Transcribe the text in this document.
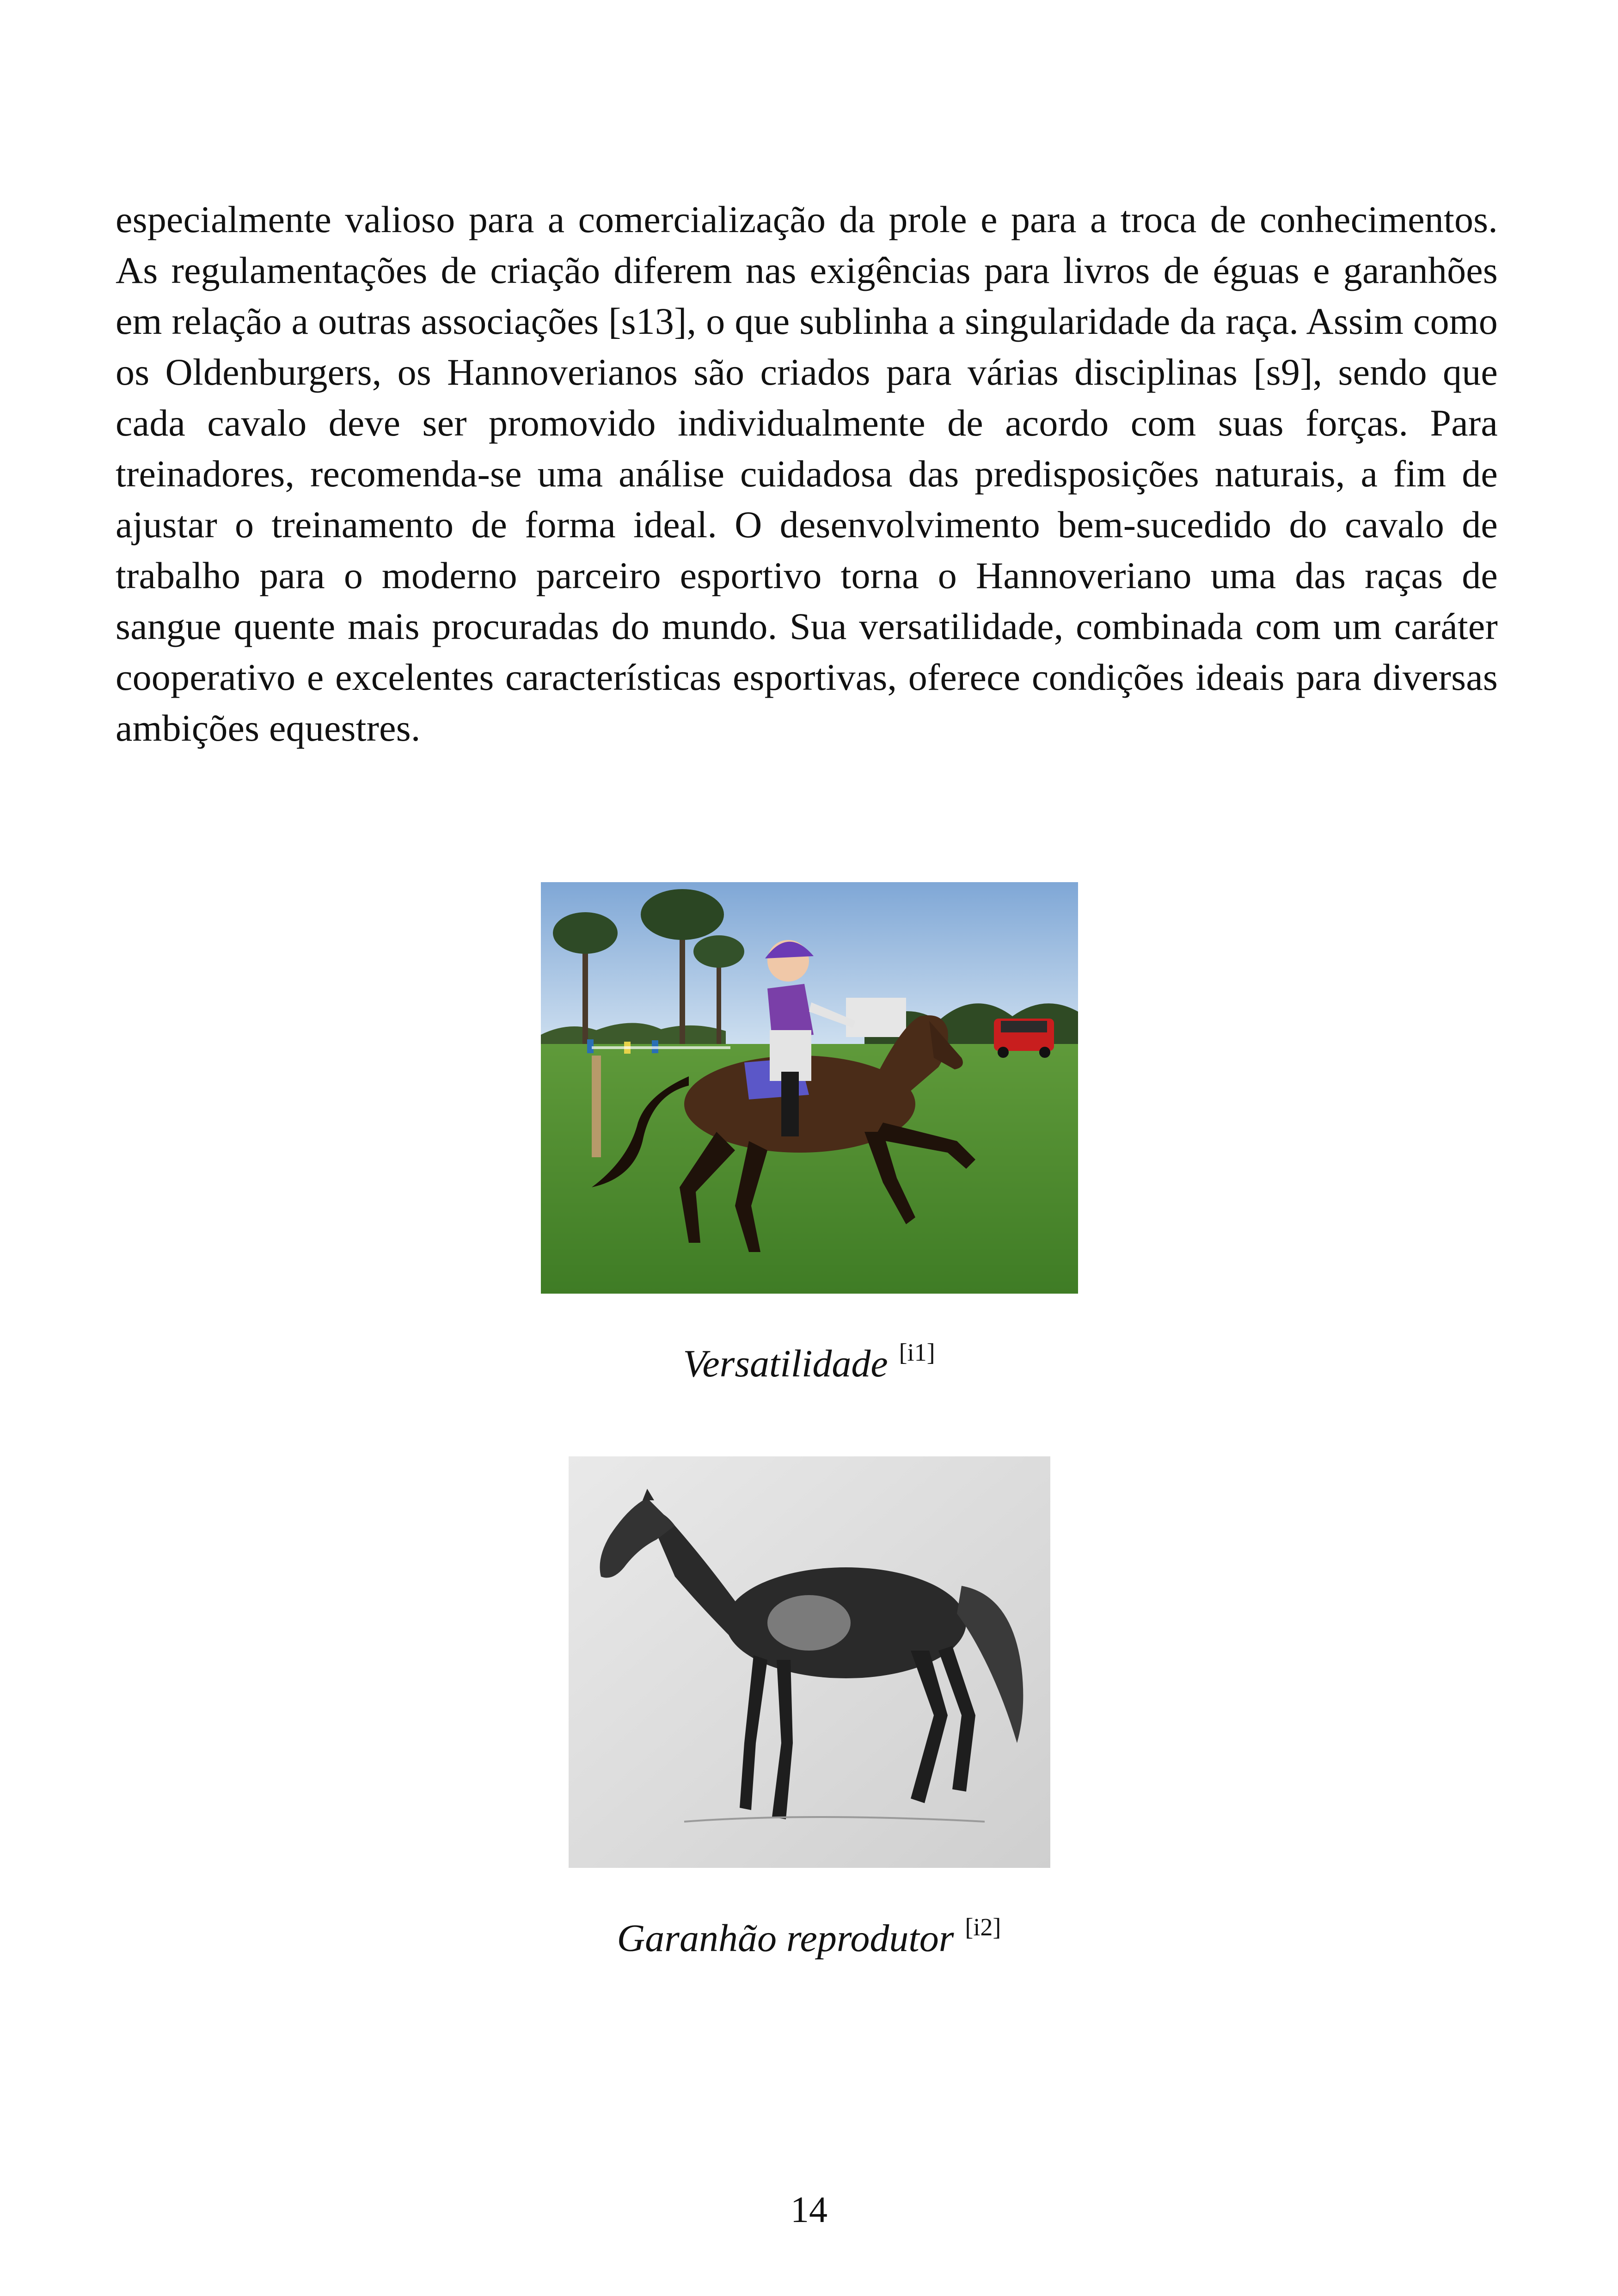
especialmente valioso para a comercialização da prole e para a troca de conhecimentos. As regulamentações de criação diferem nas exigências para livros de éguas e garanhões em relação a outras associações [s13], o que sublinha a singularidade da raça. Assim como os Oldenburgers, os Hannoverianos são criados para várias disciplinas [s9], sendo que cada cavalo deve ser promovido individualmente de acordo com suas forças. Para treinadores, recomenda-se uma análise cuidadosa das predisposições naturais, a fim de ajustar o treinamento de forma ideal. O desenvolvimento bem-sucedido do cavalo de trabalho para o moderno parceiro esportivo torna o Hannoveriano uma das raças de sangue quente mais procuradas do mundo. Sua versatilidade, combinada com um caráter cooperativo e excelentes características esportivas, oferece condições ideais para diversas ambições equestres.

Versatilidade [i1]
Garanhão reprodutor [i2]
14
